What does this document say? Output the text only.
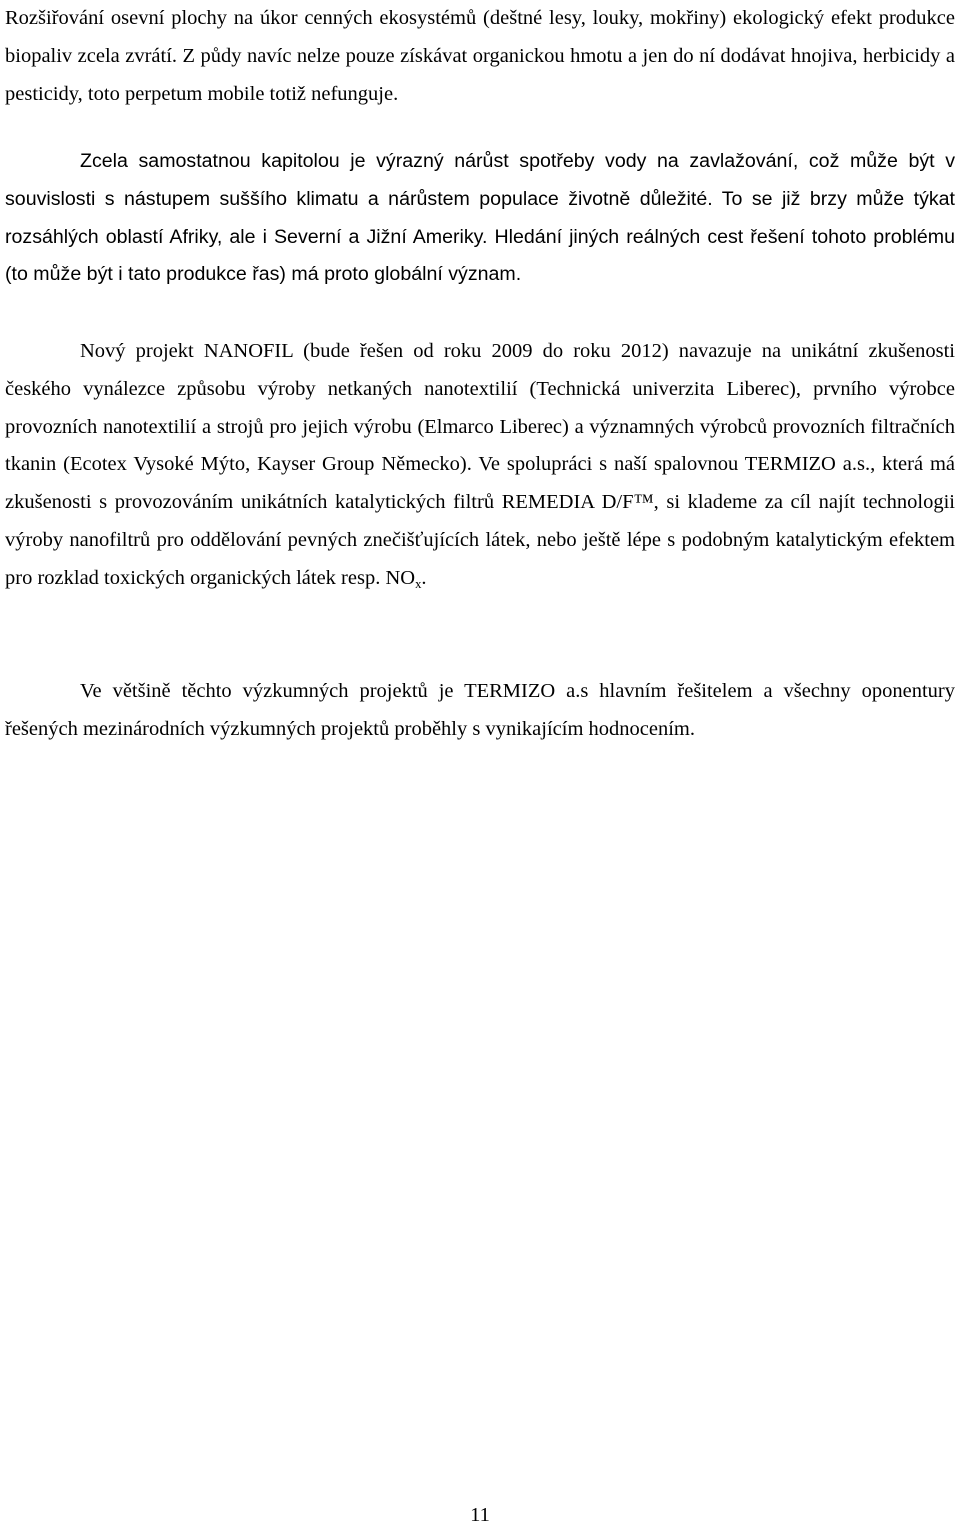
Rozšiřování osevní plochy na úkor cenných ekosystémů (deštné lesy, louky, mokřiny) ekologický efekt produkce biopaliv zcela zvrátí. Z půdy navíc nelze pouze získávat organickou hmotu a jen do ní dodávat hnojiva, herbicidy a pesticidy, toto perpetum mobile totiž nefunguje.

Zcela samostatnou kapitolou je výrazný nárůst spotřeby vody na zavlažování, což může být v souvislosti s nástupem suššího klimatu a nárůstem populace životně důležité. To se již brzy může týkat rozsáhlých oblastí Afriky, ale i Severní a Jižní Ameriky. Hledání jiných reálných cest řešení tohoto problému (to může být i tato produkce řas) má proto globální význam.

Nový projekt NANOFIL (bude řešen od roku 2009 do roku 2012) navazuje na unikátní zkušenosti českého vynálezce způsobu výroby netkaných nanotextilií (Technická univerzita Liberec), prvního výrobce provozních nanotextilií a strojů pro jejich výrobu (Elmarco Liberec) a významných výrobců provozních filtračních tkanin (Ecotex Vysoké Mýto, Kayser Group Německo). Ve spolupráci s naší spalovnou TERMIZO a.s., která má zkušenosti s provozováním unikátních katalytických filtrů REMEDIA D/F™, si klademe za cíl najít technologii výroby nanofiltrů pro oddělování pevných znečišťujících látek, nebo ještě lépe s podobným katalytickým efektem pro rozklad toxických organických látek resp. $NO_x$.

Ve většině těchto výzkumných projektů je TERMIZO a.s hlavním řešitelem a všechny oponentury řešených mezinárodních výzkumných projektů proběhly s vynikajícím hodnocením.

11
